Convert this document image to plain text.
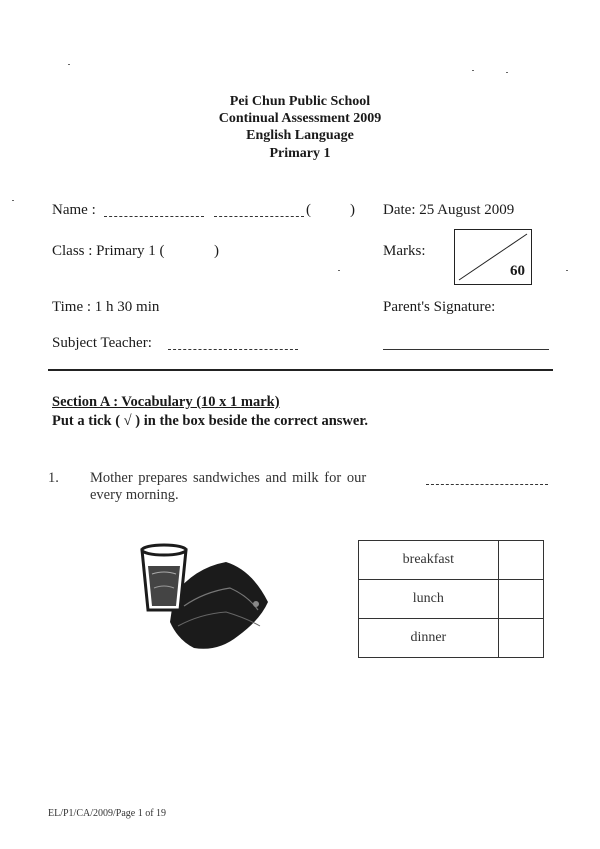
Pei Chun Public School
Continual Assessment 2009
English Language
Primary 1
Name :	(	) Date: 25 August 2009
Class : Primary 1 (	)	Marks:
60
Time : 1 h 30 min	Parent's Signature:
Subject Teacher:
Section A : Vocabulary (10 x 1 mark)
Put a tick ( √ ) in the box beside the correct answer.
1. Mother prepares sandwiches and milk for our
every morning.
breakfast	
lunch	
dinner	
EL/P1/CA/2009/Page 1 of 19
